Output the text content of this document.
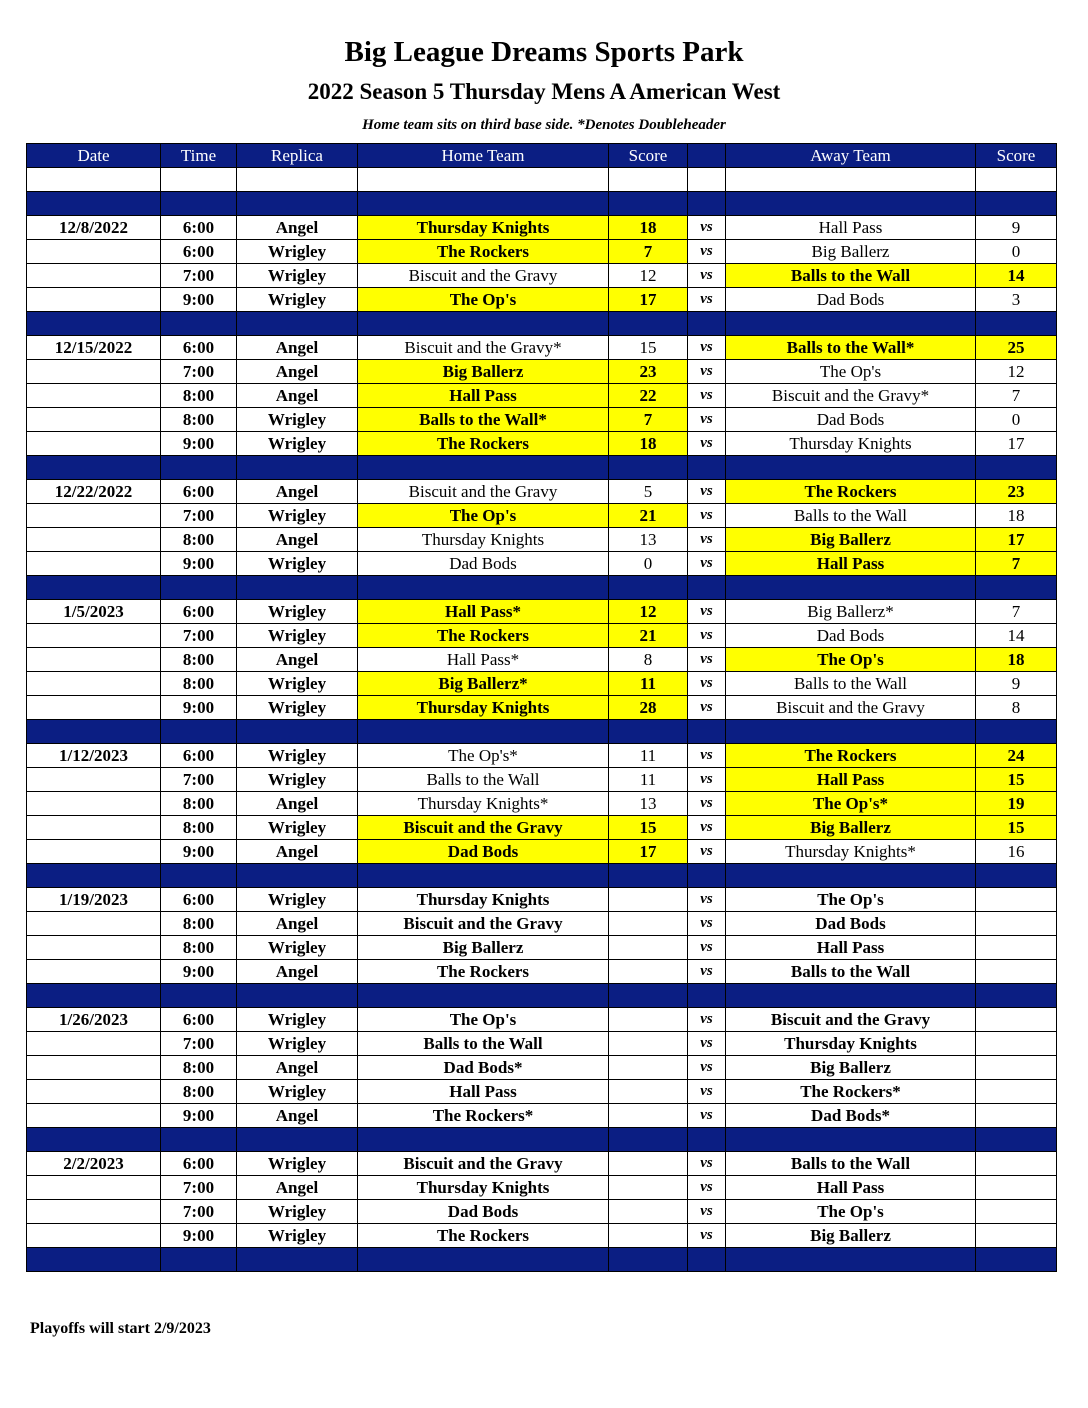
Big League Dreams Sports Park
2022 Season 5 Thursday Mens A American West
Home team sits on third base side. *Denotes Doubleheader
Date	Time	Replica	Home Team	Score		Away Team	Score

12/8/2022	6:00	Angel	Thursday Knights	18	vs	Hall Pass	9
	6:00	Wrigley	The Rockers	7	vs	Big Ballerz	0
	7:00	Wrigley	Biscuit and the Gravy	12	vs	Balls to the Wall	14
	9:00	Wrigley	The Op's	17	vs	Dad Bods	3

12/15/2022	6:00	Angel	Biscuit and the Gravy*	15	vs	Balls to the Wall*	25
	7:00	Angel	Big Ballerz	23	vs	The Op's	12
	8:00	Angel	Hall Pass	22	vs	Biscuit and the Gravy*	7
	8:00	Wrigley	Balls to the Wall*	7	vs	Dad Bods	0
	9:00	Wrigley	The Rockers	18	vs	Thursday Knights	17

12/22/2022	6:00	Angel	Biscuit and the Gravy	5	vs	The Rockers	23
	7:00	Wrigley	The Op's	21	vs	Balls to the Wall	18
	8:00	Angel	Thursday Knights	13	vs	Big Ballerz	17
	9:00	Wrigley	Dad Bods	0	vs	Hall Pass	7

1/5/2023	6:00	Wrigley	Hall Pass*	12	vs	Big Ballerz*	7
	7:00	Wrigley	The Rockers	21	vs	Dad Bods	14
	8:00	Angel	Hall Pass*	8	vs	The Op's	18
	8:00	Wrigley	Big Ballerz*	11	vs	Balls to the Wall	9
	9:00	Wrigley	Thursday Knights	28	vs	Biscuit and the Gravy	8

1/12/2023	6:00	Wrigley	The Op's*	11	vs	The Rockers	24
	7:00	Wrigley	Balls to the Wall	11	vs	Hall Pass	15
	8:00	Angel	Thursday Knights*	13	vs	The Op's*	19
	8:00	Wrigley	Biscuit and the Gravy	15	vs	Big Ballerz	15
	9:00	Angel	Dad Bods	17	vs	Thursday Knights*	16

1/19/2023	6:00	Wrigley	Thursday Knights		vs	The Op's	
	8:00	Angel	Biscuit and the Gravy		vs	Dad Bods	
	8:00	Wrigley	Big Ballerz		vs	Hall Pass	
	9:00	Angel	The Rockers		vs	Balls to the Wall	

1/26/2023	6:00	Wrigley	The Op's		vs	Biscuit and the Gravy	
	7:00	Wrigley	Balls to the Wall		vs	Thursday Knights	
	8:00	Angel	Dad Bods*		vs	Big Ballerz	
	8:00	Wrigley	Hall Pass		vs	The Rockers*	
	9:00	Angel	The Rockers*		vs	Dad Bods*	

2/2/2023	6:00	Wrigley	Biscuit and the Gravy		vs	Balls to the Wall	
	7:00	Angel	Thursday Knights		vs	Hall Pass	
	7:00	Wrigley	Dad Bods		vs	The Op's	
	9:00	Wrigley	The Rockers		vs	Big Ballerz	

Playoffs will start 2/9/2023
